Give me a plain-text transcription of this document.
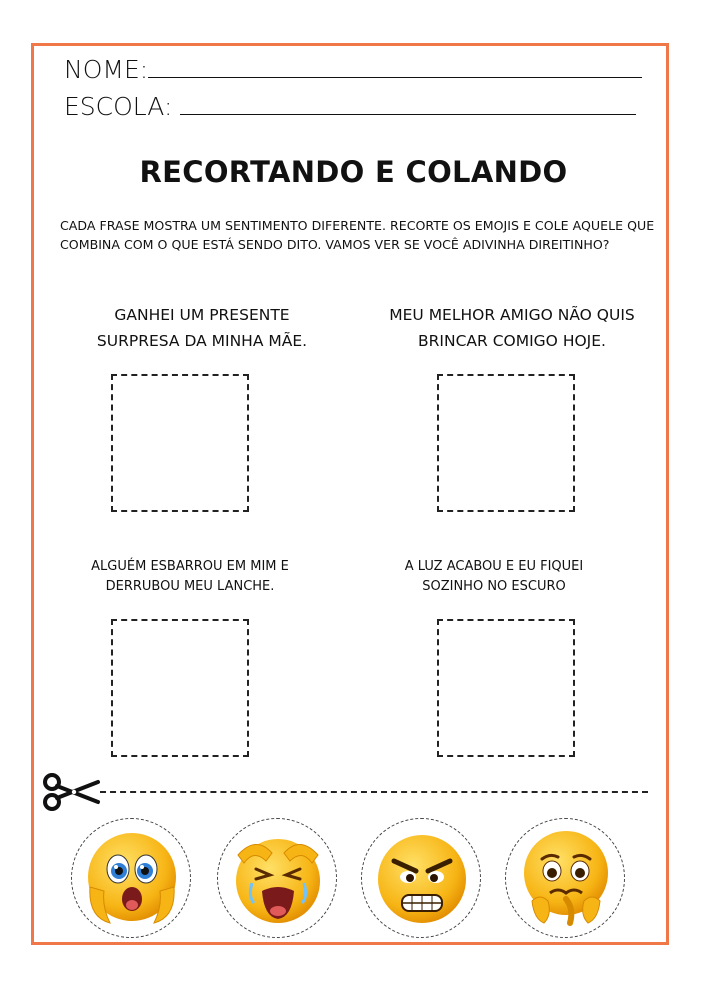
NOME:
ESCOLA:
RECORTANDO E COLANDO
CADA FRASE MOSTRA UM SENTIMENTO DIFERENTE. RECORTE OS EMOJIS E COLE AQUELE QUE COMBINA COM O QUE ESTÁ SENDO DITO. VAMOS VER SE VOCÊ ADIVINHA DIREITINHO?
GANHEI UM PRESENTE
SURPRESA DA MINHA MÃE.
MEU MELHOR AMIGO NÃO QUIS
BRINCAR COMIGO HOJE.
ALGUÉM ESBARROU EM MIM E
DERRUBOU MEU LANCHE.
A LUZ ACABOU E EU FIQUEI
SOZINHO NO ESCURO
